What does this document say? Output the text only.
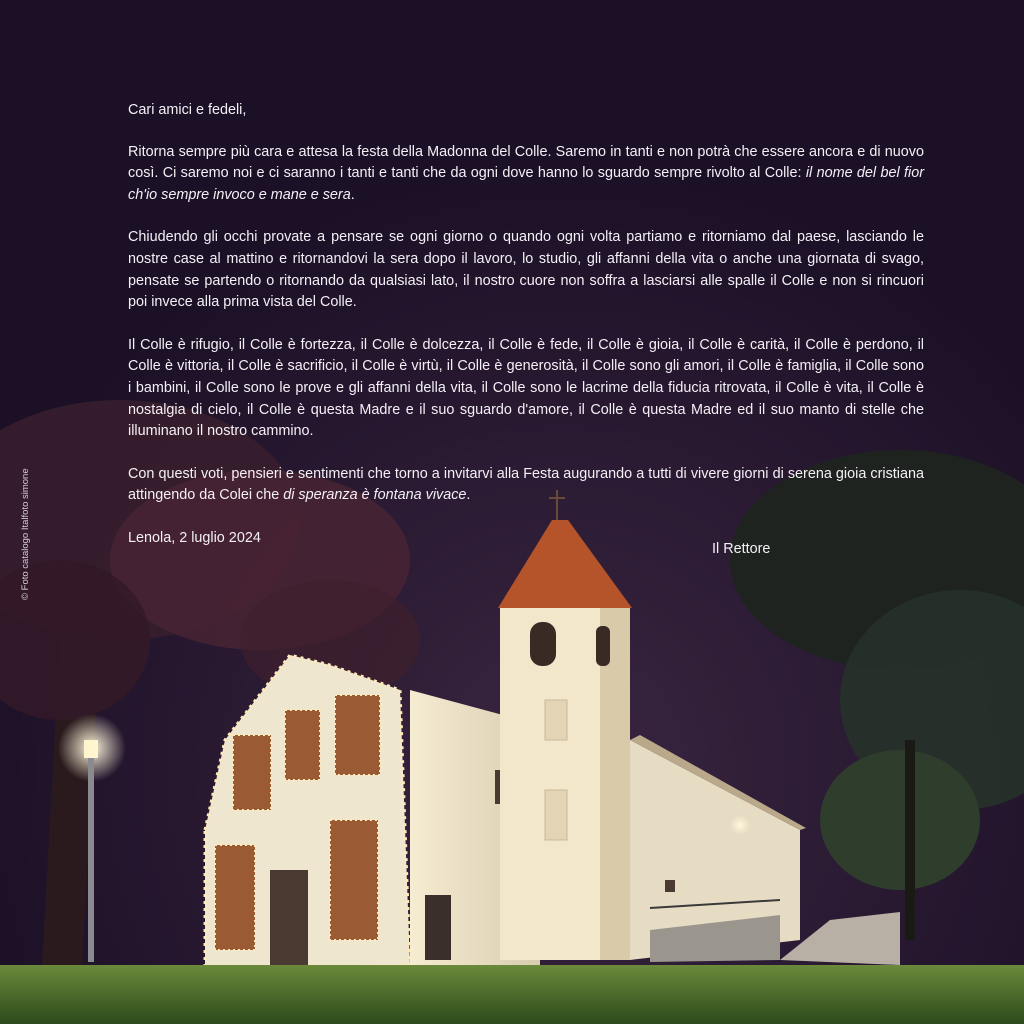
Cari amici e fedeli,

Ritorna sempre più cara e attesa la festa della Madonna del Colle. Saremo in tanti e non potrà che essere ancora e di nuovo così. Ci saremo noi e ci saranno i tanti e tanti che da ogni dove hanno lo sguardo sempre rivolto al Colle: il nome del bel fior ch'io sempre invoco e mane e sera.

Chiudendo gli occhi provate a pensare se ogni giorno o quando ogni volta partiamo e ritorniamo dal paese, lasciando le nostre case al mattino e ritornandovi la sera dopo il lavoro, lo studio, gli affanni della vita o anche una giornata di svago, pensate se partendo o ritornando da qualsiasi lato, il nostro cuore non soffra a lasciarsi alle spalle il Colle e non si rincuori poi invece alla prima vista del Colle.

Il Colle è rifugio, il Colle è fortezza, il Colle è dolcezza, il Colle è fede, il Colle è gioia, il Colle è carità, il Colle è perdono, il Colle è vittoria, il Colle è sacrificio, il Colle è virtù, il Colle è generosità, il Colle sono gli amori, il Colle è famiglia, il Colle sono i bambini, il Colle sono le prove e gli affanni della vita, il Colle sono le lacrime della fiducia ritrovata, il Colle è vita, il Colle è nostalgia di cielo, il Colle è questa Madre e il suo sguardo d'amore, il Colle è questa Madre ed il suo manto di stelle che illuminano il nostro cammino.

Con questi voti, pensieri e sentimenti che torno a invitarvi alla Festa augurando a tutti di vivere giorni di serena gioia cristiana attingendo da Colei che di speranza è fontana vivace.

Lenola, 2 luglio 2024

Il Rettore
© Foto catalogo Italfoto simone
